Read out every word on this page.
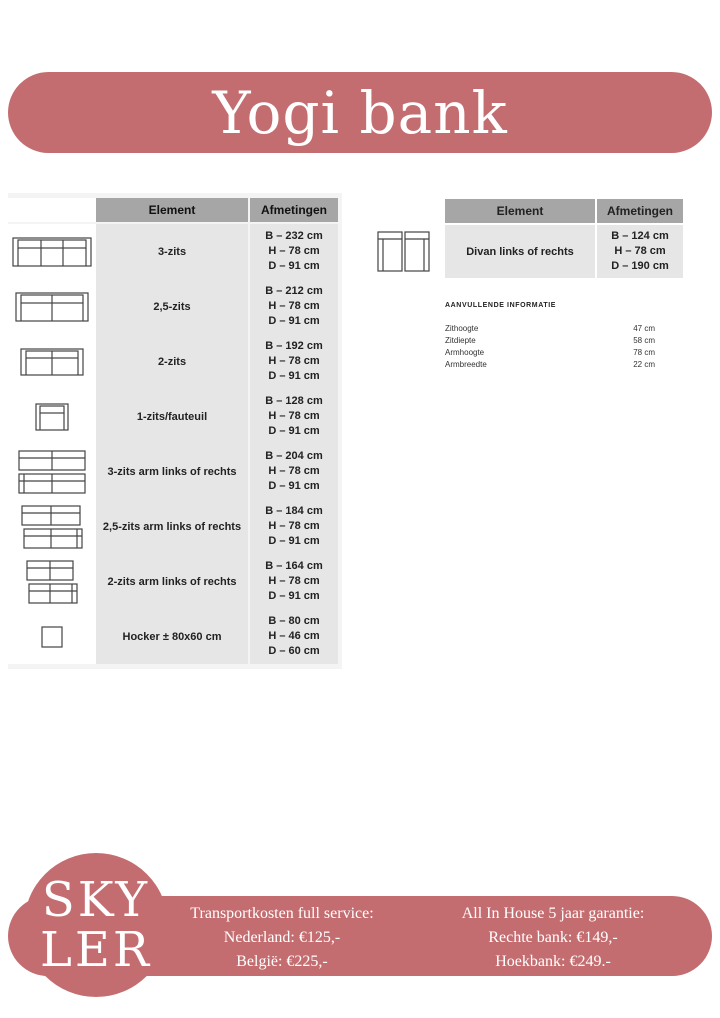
Yogi bank
Element	Afmetingen
3-zits
B – 232 cm
H – 78 cm
D – 91 cm
2,5-zits
B – 212 cm
H – 78 cm
D – 91 cm
2-zits
B – 192 cm
H – 78 cm
D – 91 cm
1-zits/fauteuil
B – 128 cm
H – 78 cm
D – 91 cm
3-zits arm links of rechts
B – 204 cm
H – 78 cm
D – 91 cm
2,5-zits arm links of rechts
B – 184 cm
H – 78 cm
D – 91 cm
2-zits arm links of rechts
B – 164 cm
H – 78 cm
D – 91 cm
Hocker ± 80x60 cm
B – 80 cm
H – 46 cm
D – 60 cm
Element	Afmetingen
Divan links of rechts
B – 124 cm
H – 78 cm
D – 190 cm
AANVULLENDE INFORMATIE
Zithoogte	47 cm
Zitdiepte	58 cm
Armhoogte	78 cm
Armbreedte	22 cm
SKY
LER
Transportkosten full service:
Nederland: €125,-
België: €225,-
All In House 5 jaar garantie:
Rechte bank: €149,-
Hoekbank: €249.-
